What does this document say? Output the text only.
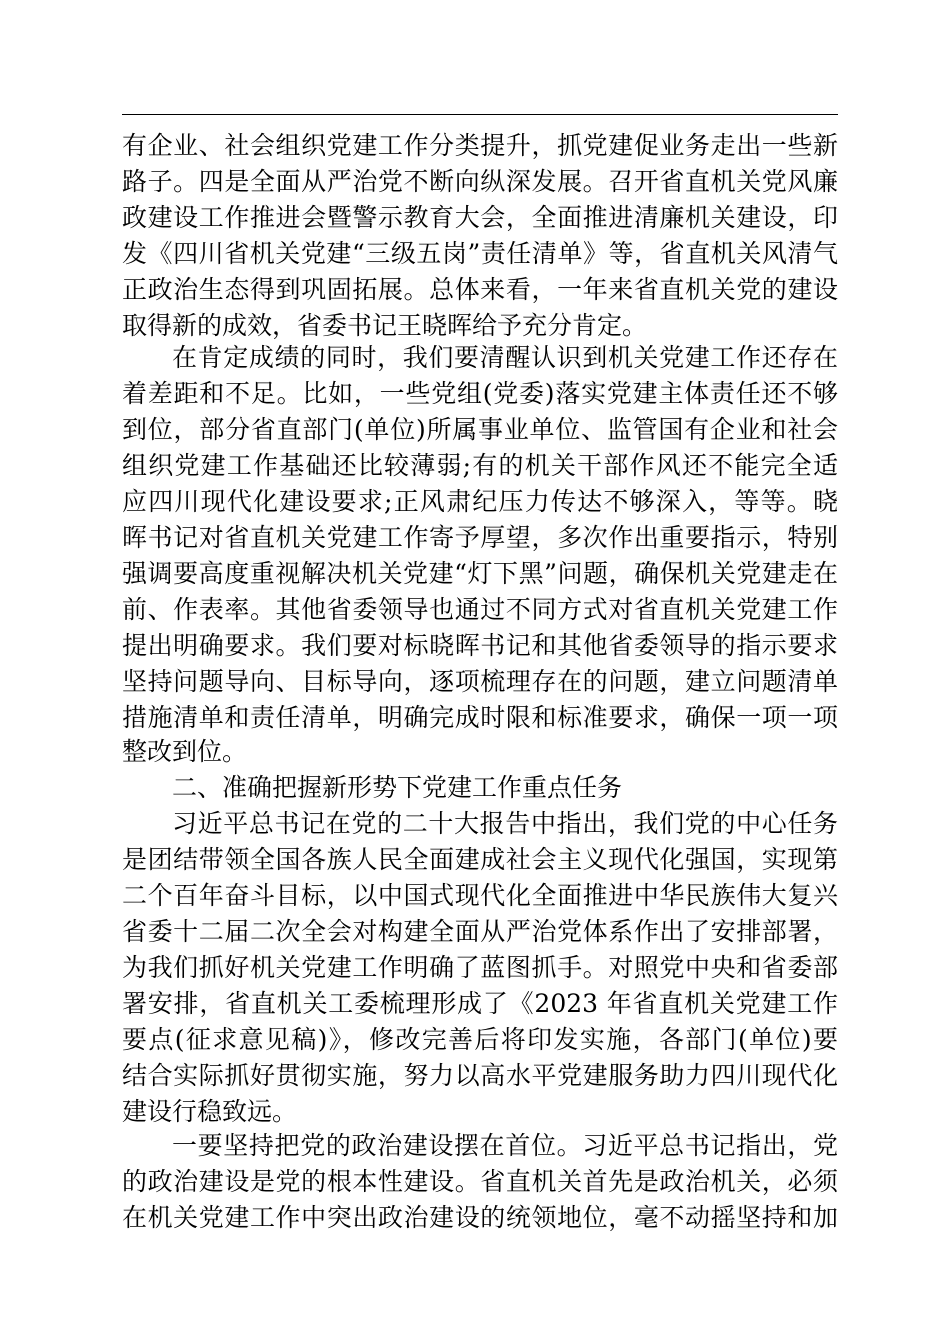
有企业、社会组织党建工作分类提升，抓党建促业务走出一些新
路子。四是全面从严治党不断向纵深发展。召开省直机关党风廉
政建设工作推进会暨警示教育大会，全面推进清廉机关建设，印
发《四川省机关党建“三级五岗”责任清单》等，省直机关风清气
正政治生态得到巩固拓展。总体来看，一年来省直机关党的建设
取得新的成效，省委书记王晓晖给予充分肯定。
在肯定成绩的同时，我们要清醒认识到机关党建工作还存在
着差距和不足。比如，一些党组(党委)落实党建主体责任还不够
到位，部分省直部门(单位)所属事业单位、监管国有企业和社会
组织党建工作基础还比较薄弱;有的机关干部作风还不能完全适
应四川现代化建设要求;正风肃纪压力传达不够深入，等等。晓
晖书记对省直机关党建工作寄予厚望，多次作出重要指示，特别
强调要高度重视解决机关党建“灯下黑”问题，确保机关党建走在
前、作表率。其他省委领导也通过不同方式对省直机关党建工作
提出明确要求。我们要对标晓晖书记和其他省委领导的指示要求
坚持问题导向、目标导向，逐项梳理存在的问题，建立问题清单
措施清单和责任清单，明确完成时限和标准要求，确保一项一项
整改到位。
二、准确把握新形势下党建工作重点任务
习近平总书记在党的二十大报告中指出，我们党的中心任务
是团结带领全国各族人民全面建成社会主义现代化强国，实现第
二个百年奋斗目标，以中国式现代化全面推进中华民族伟大复兴
省委十二届二次全会对构建全面从严治党体系作出了安排部署，
为我们抓好机关党建工作明确了蓝图抓手。对照党中央和省委部
署安排，省直机关工委梳理形成了《2023 年省直机关党建工作
要点(征求意见稿)》，修改完善后将印发实施，各部门(单位)要
结合实际抓好贯彻实施，努力以高水平党建服务助力四川现代化
建设行稳致远。
一要坚持把党的政治建设摆在首位。习近平总书记指出，党
的政治建设是党的根本性建设。省直机关首先是政治机关，必须
在机关党建工作中突出政治建设的统领地位，毫不动摇坚持和加
